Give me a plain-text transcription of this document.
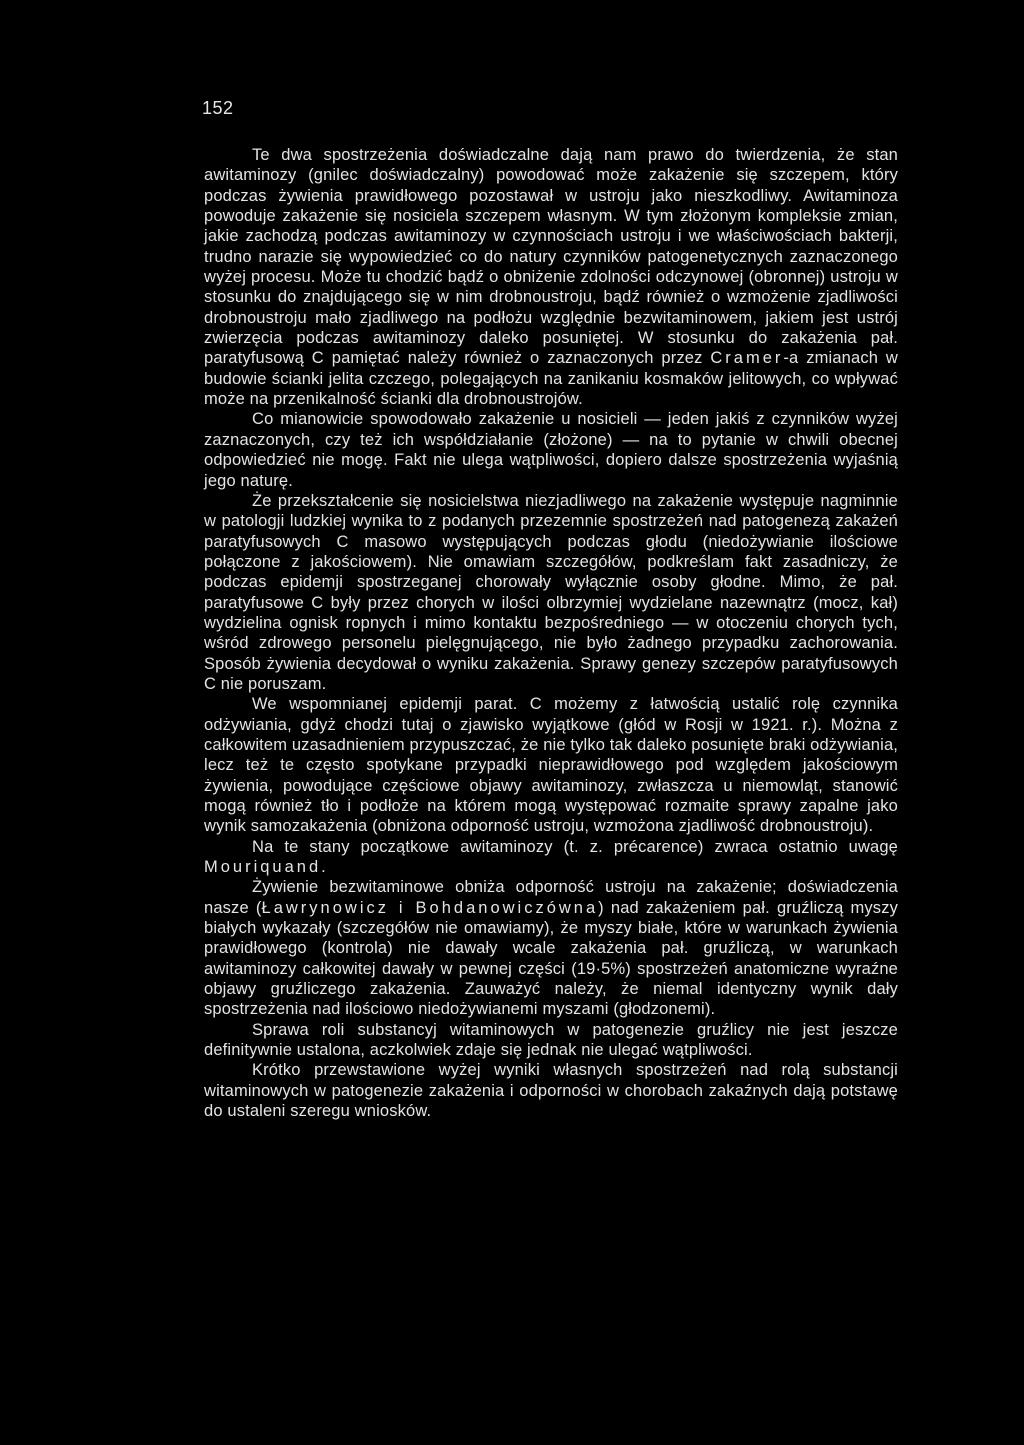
152

Te dwa spostrzeżenia doświadczalne dają nam prawo do twierdzenia, że stan awitaminozy (gnilec doświadczalny) powodować może zakażenie się szczepem, który podczas żywienia prawidłowego pozostawał w ustroju jako nieszkodliwy. Awitaminoza powoduje zakażenie się nosiciela szczepem własnym. W tym złożonym kompleksie zmian, jakie zachodzą podczas awitaminozy w czynnościach ustroju i we właściwościach bakterji, trudno narazie się wypowiedzieć co do natury czynników patogenetycznych zaznaczonego wyżej procesu. Może tu chodzić bądź o obniżenie zdolności odczynowej (obronnej) ustroju w stosunku do znajdującego się w nim drobnoustroju, bądź również o wzmożenie zjadliwości drobnoustroju mało zjadliwego na podłożu względnie bezwitaminowem, jakiem jest ustrój zwierzęcia podczas awitaminozy daleko posuniętej. W stosunku do zakażenia pał. paratyfusową C pamiętać należy również o zaznaczonych przez Cramer-a zmianach w budowie ścianki jelita czczego, polegających na zanikaniu kosmaków jelitowych, co wpływać może na przenikalność ścianki dla drobnoustrojów.

Co mianowicie spowodowało zakażenie u nosicieli — jeden jakiś z czynników wyżej zaznaczonych, czy też ich współdziałanie (złożone) — na to pytanie w chwili obecnej odpowiedzieć nie mogę. Fakt nie ulega wątpliwości, dopiero dalsze spostrzeżenia wyjaśnią jego naturę.

Że przekształcenie się nosicielstwa niezjadliwego na zakażenie występuje nagminnie w patologji ludzkiej wynika to z podanych przezemnie spostrzeżeń nad patogenezą zakażeń paratyfusowych C masowo występujących podczas głodu (niedożywianie ilościowe połączone z jakościowem). Nie omawiam szczegółów, podkreślam fakt zasadniczy, że podczas epidemji spostrzeganej chorowały wyłącznie osoby głodne. Mimo, że pał. paratyfusowe C były przez chorych w ilości olbrzymiej wydzielane nazewnątrz (mocz, kał) wydzielina ognisk ropnych i mimo kontaktu bezpośredniego — w otoczeniu chorych tych, wśród zdrowego personelu pielęgnującego, nie było żadnego przypadku zachorowania. Sposób żywienia decydował o wyniku zakażenia. Sprawy genezy szczepów paratyfusowych C nie poruszam.

We wspomnianej epidemji parat. C możemy z łatwością ustalić rolę czynnika odżywiania, gdyż chodzi tutaj o zjawisko wyjątkowe (głód w Rosji w 1921. r.). Można z całkowitem uzasadnieniem przypuszczać, że nie tylko tak daleko posunięte braki odżywiania, lecz też te często spotykane przypadki nieprawidłowego pod względem jakościowym żywienia, powodujące częściowe objawy awitaminozy, zwłaszcza u niemowląt, stanowić mogą również tło i podłoże na którem mogą występować rozmaite sprawy zapalne jako wynik samozakażenia (obniżona odporność ustroju, wzmożona zjadliwość drobnoustroju).

Na te stany początkowe awitaminozy (t. z. précarence) zwraca ostatnio uwagę Mouriquand.

Żywienie bezwitaminowe obniża odporność ustroju na zakażenie; doświadczenia nasze (Ławrynowicz i Bohdanowiczówna) nad zakażeniem pał. gruźliczą myszy białych wykazały (szczegółów nie omawiamy), że myszy białe, które w warunkach żywienia prawidłowego (kontrola) nie dawały wcale zakażenia pał. gruźliczą, w warunkach awitaminozy całkowitej dawały w pewnej części (19·5%) spostrzeżeń anatomiczne wyraźne objawy gruźliczego zakażenia. Zauważyć należy, że niemal identyczny wynik dały spostrzeżenia nad ilościowo niedożywianemi myszami (głodzonemi).

Sprawa roli substancyj witaminowych w patogenezie gruźlicy nie jest jeszcze definitywnie ustalona, aczkolwiek zdaje się jednak nie ulegać wątpliwości.

Krótko przewstawione wyżej wyniki własnych spostrzeżeń nad rolą substancji witaminowych w patogenezie zakażenia i odporności w chorobach zakaźnych dają potstawę do ustaleni szeregu wniosków.
